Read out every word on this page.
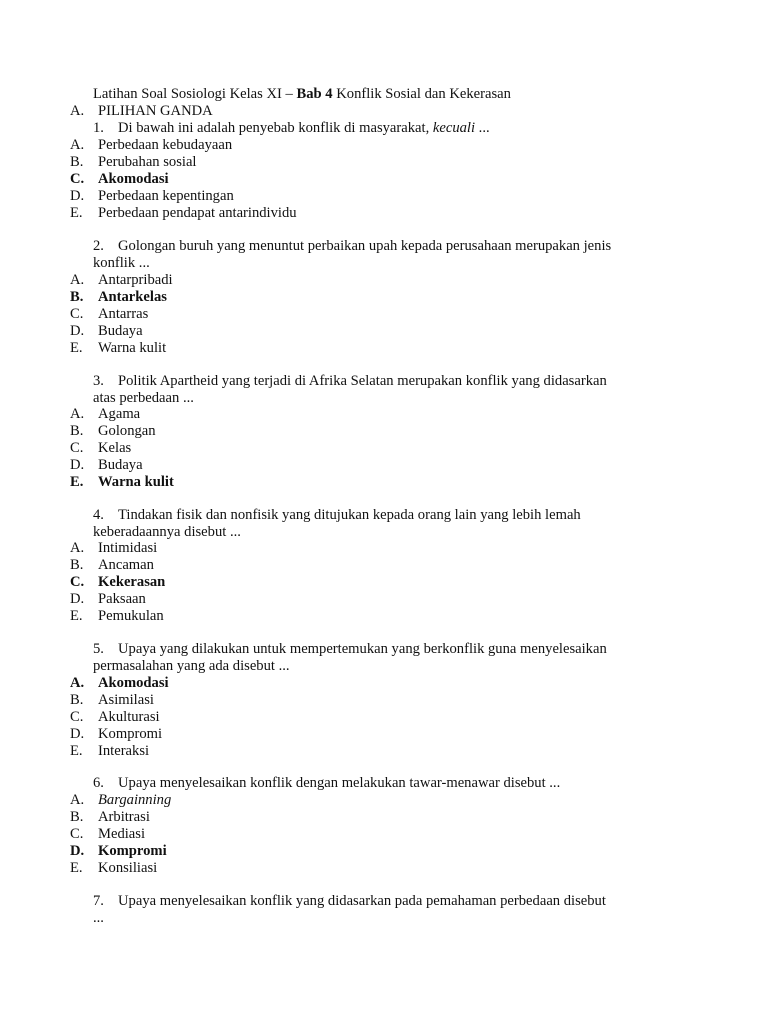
Latihan Soal Sosiologi Kelas XI – Bab 4 Konflik Sosial dan Kekerasan
A. PILIHAN GANDA
1. Di bawah ini adalah penyebab konflik di masyarakat, kecuali ...
A. Perbedaan kebudayaan
B. Perubahan sosial
C. Akomodasi
D. Perbedaan kepentingan
E. Perbedaan pendapat antarindividu
2. Golongan buruh yang menuntut perbaikan upah kepada perusahaan merupakan jenis
konflik ...
A. Antarpribadi
B. Antarkelas
C. Antarras
D. Budaya
E. Warna kulit
3. Politik Apartheid yang terjadi di Afrika Selatan merupakan konflik yang didasarkan
atas perbedaan ...
A. Agama
B. Golongan
C. Kelas
D. Budaya
E. Warna kulit
4. Tindakan fisik dan nonfisik yang ditujukan kepada orang lain yang lebih lemah
keberadaannya disebut ...
A. Intimidasi
B. Ancaman
C. Kekerasan
D. Paksaan
E. Pemukulan
5. Upaya yang dilakukan untuk mempertemukan yang berkonflik guna menyelesaikan
permasalahan yang ada disebut ...
A. Akomodasi
B. Asimilasi
C. Akulturasi
D. Kompromi
E. Interaksi
6. Upaya menyelesaikan konflik dengan melakukan tawar-menawar disebut ...
A. Bargainning
B. Arbitrasi
C. Mediasi
D. Kompromi
E. Konsiliasi
7. Upaya menyelesaikan konflik yang didasarkan pada pemahaman perbedaan disebut
...
